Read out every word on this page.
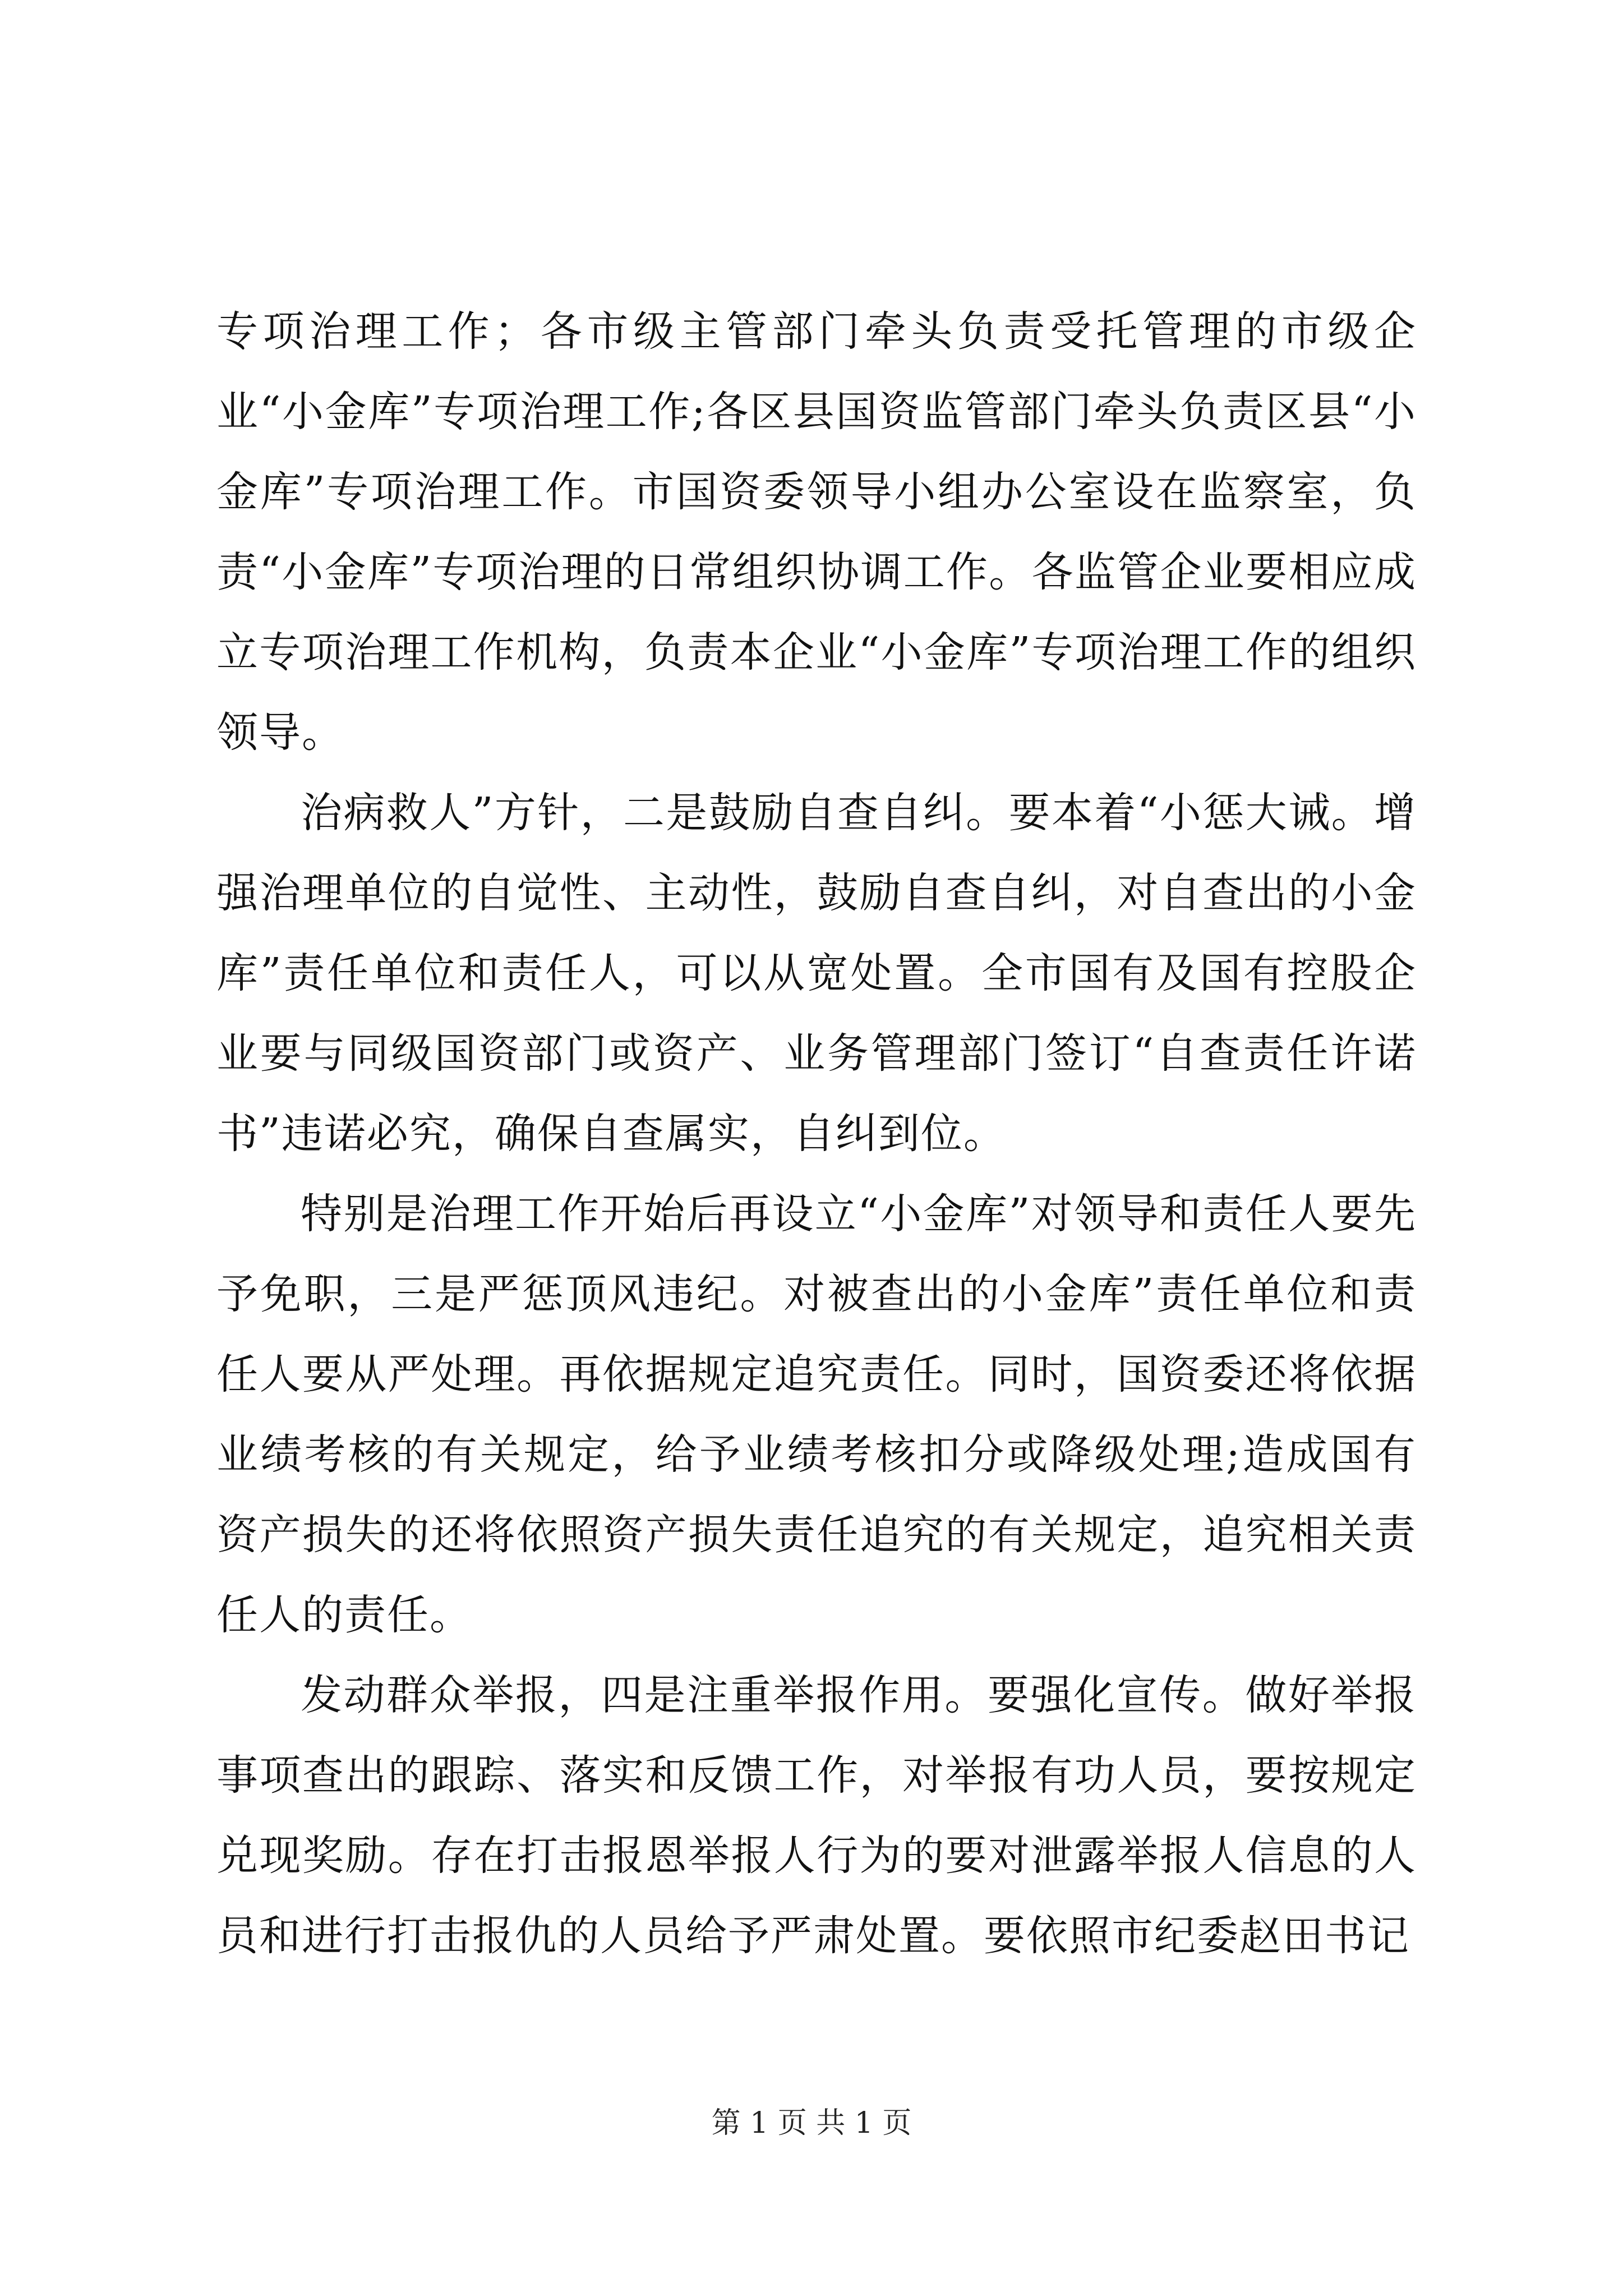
专项治理工作；各市级主管部门牵头负责受托管理的市级企业“小金库”专项治理工作;各区县国资监管部门牵头负责区县“小金库”专项治理工作。市国资委领导小组办公室设在监察室，负责“小金库”专项治理的日常组织协调工作。各监管企业要相应成立专项治理工作机构，负责本企业“小金库”专项治理工作的组织领导。

治病救人”方针，二是鼓励自查自纠。要本着“小惩大诫。增强治理单位的自觉性、主动性，鼓励自查自纠，对自查出的小金库”责任单位和责任人，可以从宽处置。全市国有及国有控股企业要与同级国资部门或资产、业务管理部门签订“自查责任许诺书”违诺必究，确保自查属实，自纠到位。

特别是治理工作开始后再设立“小金库”对领导和责任人要先予免职，三是严惩顶风违纪。对被查出的小金库”责任单位和责任人要从严处理。再依据规定追究责任。同时，国资委还将依据业绩考核的有关规定，给予业绩考核扣分或降级处理;造成国有资产损失的还将依照资产损失责任追究的有关规定，追究相关责任人的责任。

发动群众举报，四是注重举报作用。要强化宣传。做好举报事项查出的跟踪、落实和反馈工作，对举报有功人员，要按规定兑现奖励。存在打击报恩举报人行为的要对泄露举报人信息的人员和进行打击报仇的人员给予严肃处置。要依照市纪委赵田书记

第 1 页 共 1 页
